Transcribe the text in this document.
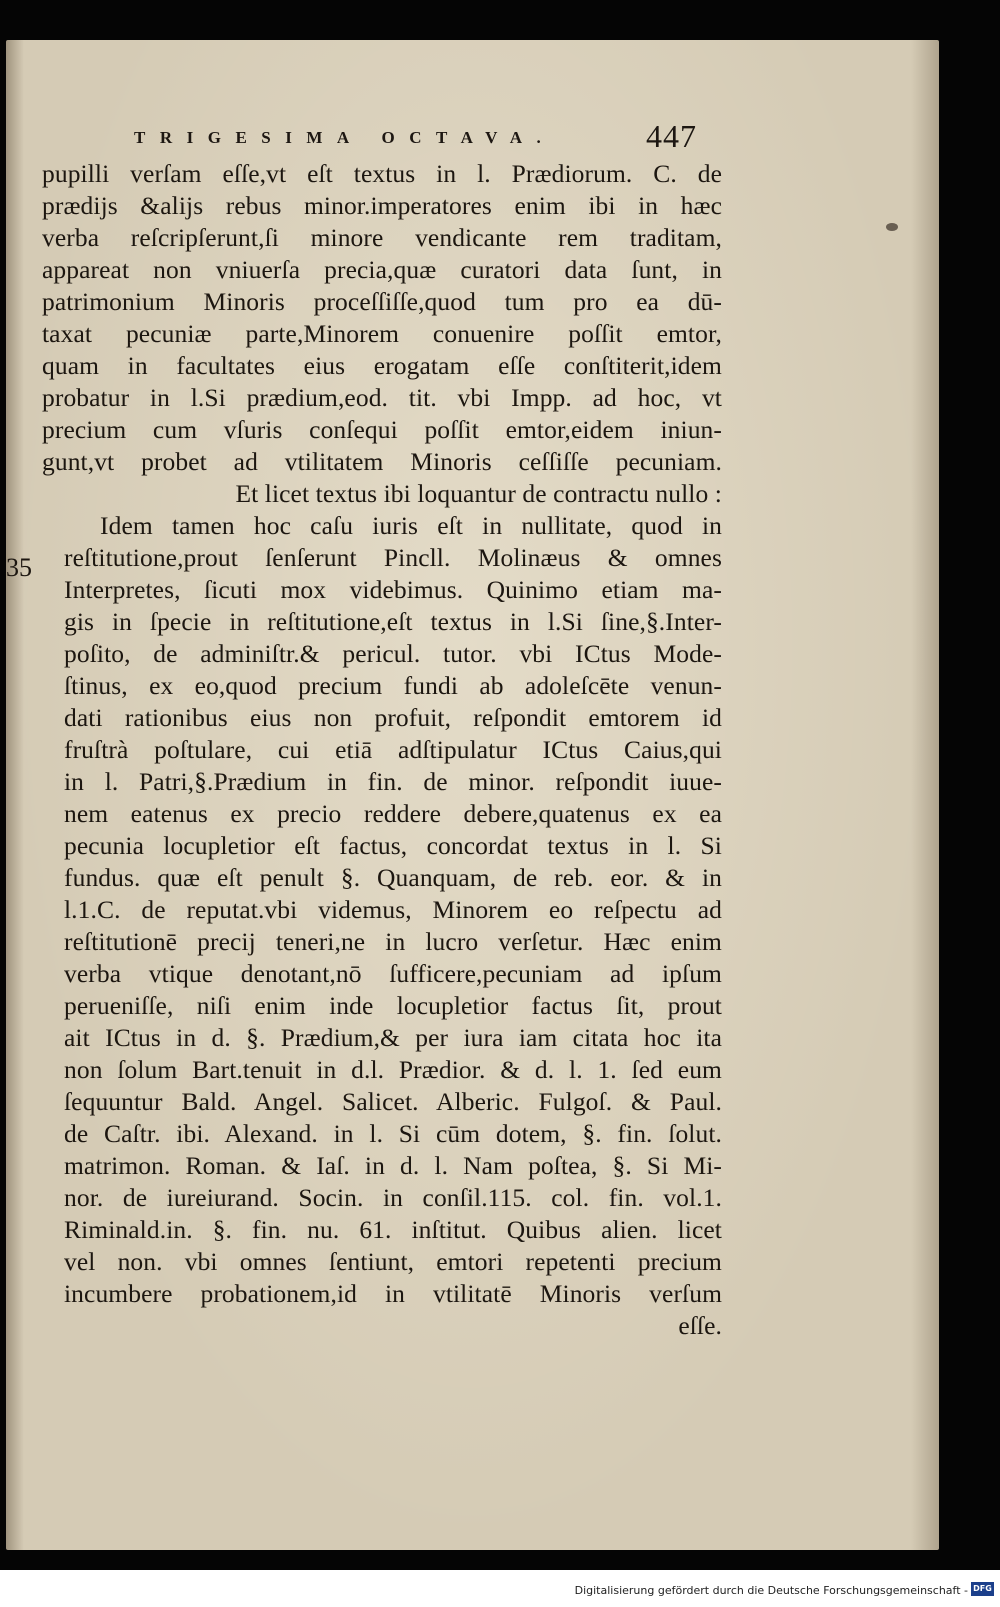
TRIGESIMA OCTAVA.	447
pupilli verſam eſſe,vt eſt textus in l. Prædiorum. C. de
prædijs &alijs rebus minor.imperatores enim ibi in hæc
verba reſcripſerunt,ſi minore vendicante rem traditam,
appareat non vniuerſa precia,quæ curatori data ſunt, in
patrimonium Minoris proceſſiſſe,quod tum pro ea dū-
taxat pecuniæ parte,Minorem conuenire poſſit emtor,
quam in facultates eius erogatam eſſe conſtiterit,idem
probatur in l.Si prædium,eod. tit. vbi Impp. ad hoc, vt
precium cum vſuris conſequi poſſit emtor,eidem iniun-
gunt,vt probet ad vtilitatem Minoris ceſſiſſe pecuniam.
Et licet textus ibi loquantur de contractu nullo :
35
Idem tamen hoc caſu iuris eſt in nullitate, quod in
reſtitutione,prout ſenſerunt Pincll. Molinæus & omnes
Interpretes, ſicuti mox videbimus. Quinimo etiam ma-
gis in ſpecie in reſtitutione,eſt textus in l.Si ſine,§.Inter-
poſito, de adminiſtr.& pericul. tutor. vbi ICtus Mode-
ſtinus, ex eo,quod precium fundi ab adoleſcēte venun-
dati rationibus eius non profuit, reſpondit emtorem id
fruſtrà poſtulare, cui etiā adſtipulatur ICtus Caius,qui
in l. Patri,§.Prædium in fin. de minor. reſpondit iuue-
nem eatenus ex precio reddere debere,quatenus ex ea
pecunia locupletior eſt factus, concordat textus in l. Si
fundus. quæ eſt penult §. Quanquam, de reb. eor. & in
l.1.C. de reputat.vbi videmus, Minorem eo reſpectu ad
reſtitutionē precij teneri,ne in lucro verſetur. Hæc enim
verba vtique denotant,nō ſufficere,pecuniam ad ipſum
perueniſſe, niſi enim inde locupletior factus ſit, prout
ait ICtus in d. §. Prædium,& per iura iam citata hoc ita
non ſolum Bart.tenuit in d.l. Prædior. & d. l. 1. ſed eum
ſequuntur Bald. Angel. Salicet. Alberic. Fulgoſ. & Paul.
de Caſtr. ibi. Alexand. in l. Si cūm dotem, §. fin. ſolut.
matrimon. Roman. & Iaſ. in d. l. Nam poſtea, §. Si Mi-
nor. de iureiurand. Socin. in conſil.115. col. fin. vol.1.
Riminald.in. §. fin. nu. 61. inſtitut. Quibus alien. licet
vel non. vbi omnes ſentiunt, emtori repetenti precium
incumbere probationem,id in vtilitatē Minoris verſum
eſſe.
Digitalisierung gefördert durch die Deutsche Forschungsgemeinschaft - DFG
